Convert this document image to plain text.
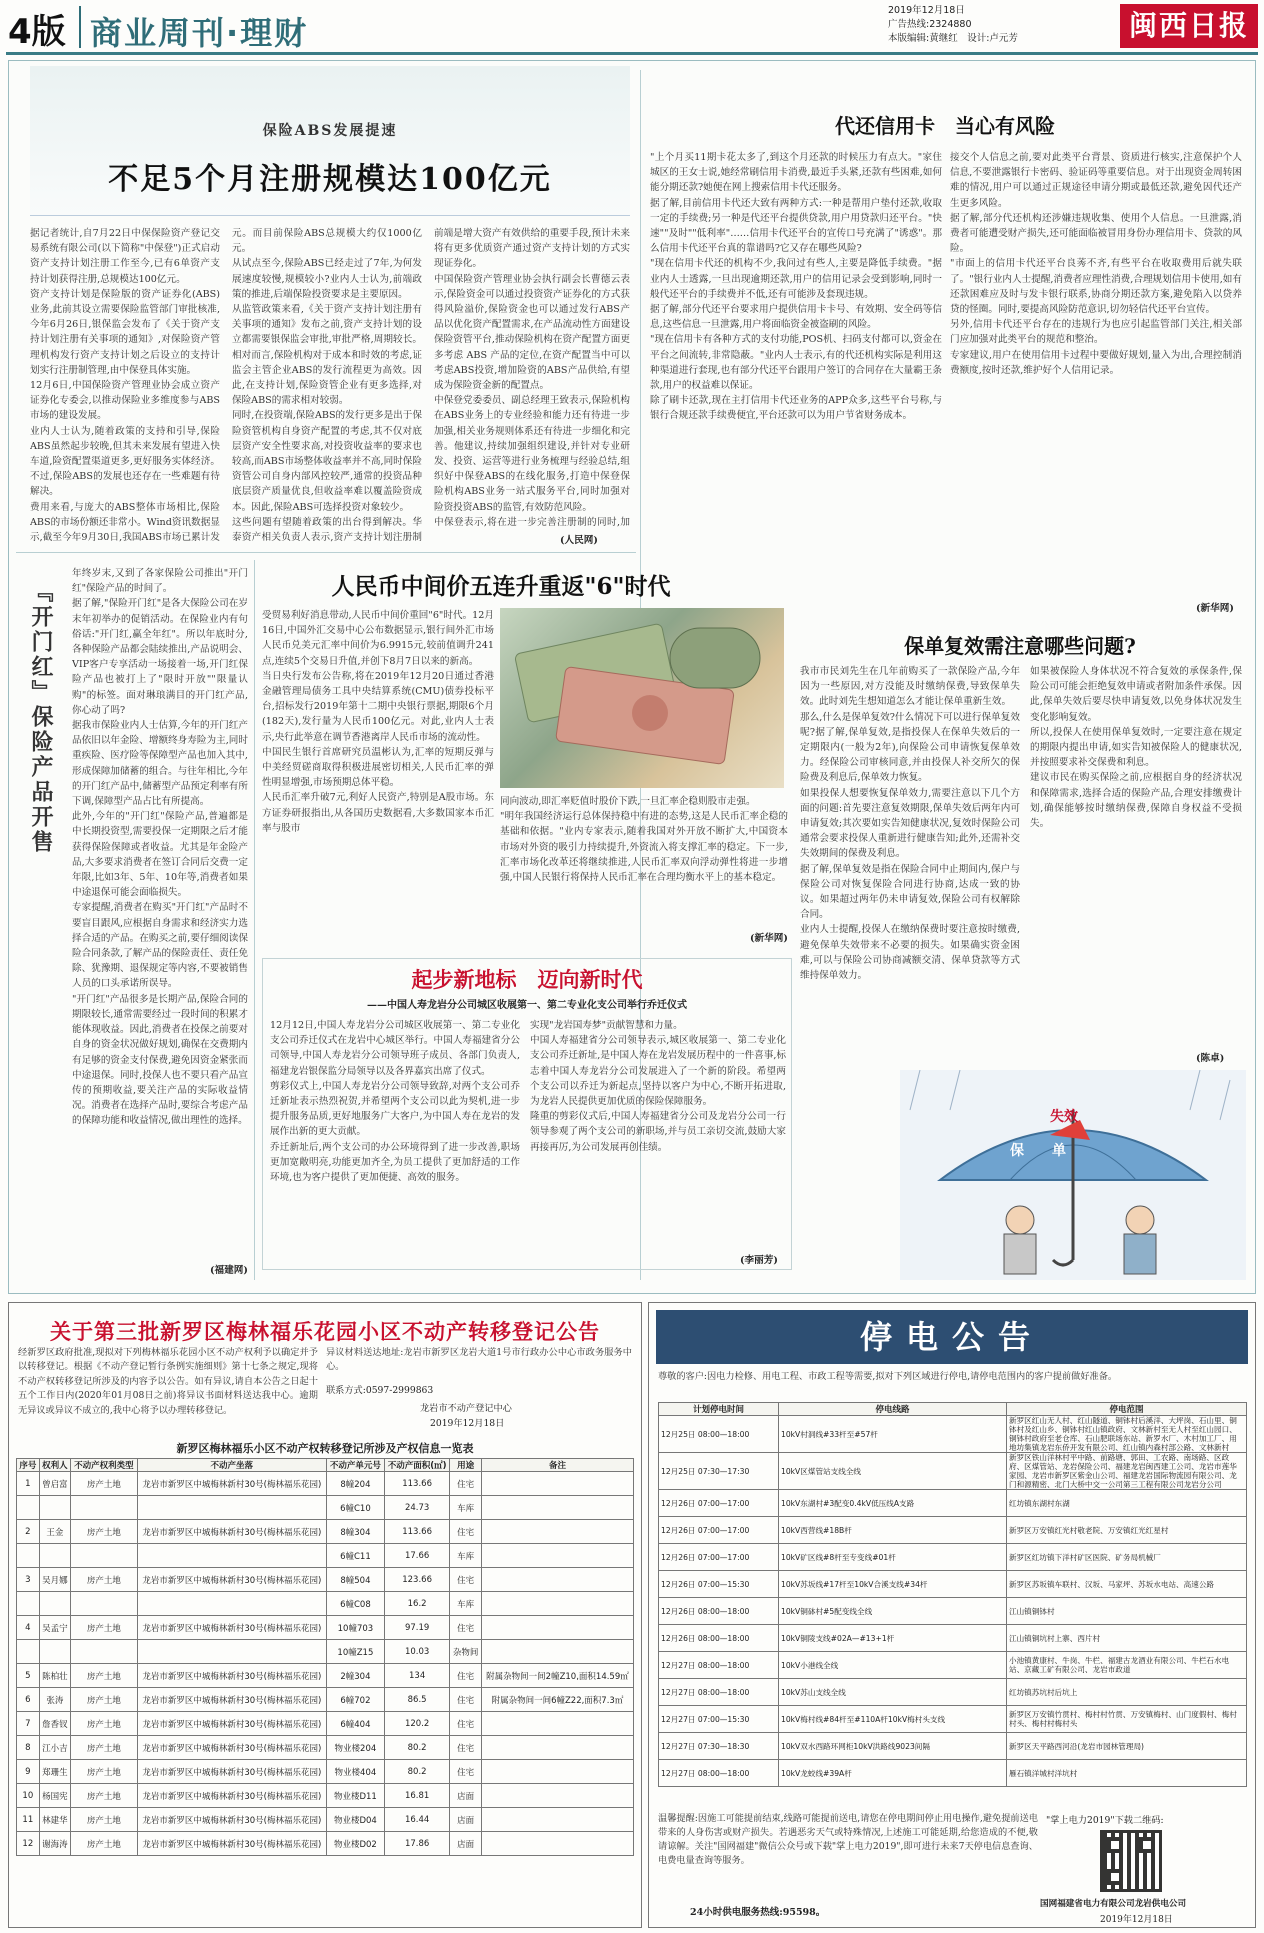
4版 商业周刊·理财
2019年12月18日
广告热线:2324880
本版编辑:黄继红　设计:卢元芳	闽西日报
保险ABS发展提速
不足5个月注册规模达100亿元
据记者统计,自7月22日中保保险资产登记交易系统有限公司(以下简称"中保登")正式启动资产支持计划注册工作至今,已有6单资产支持计划获得注册,总规模达100亿元。
资产支持计划是保险版的资产证券化(ABS)业务,此前其设立需要保险监管部门审批核准,今年6月26日,银保监会发布了《关于资产支持计划注册有关事项的通知》,对保险资产管理机构发行资产支持计划之后设立的支持计划实行注册制管理,由中保登具体实施。
12月6日,中国保险资产管理业协会成立资产证券化专委会,以推动保险业多维度参与ABS市场的建设发展。
业内人士认为,随着政策的支持和引导,保险ABS虽然起步较晚,但其未来发展有望进入快车道,险资配置渠道更多,更好服务实体经济。不过,保险ABS的发展也还存在一些难题有待解决。
费用来看,与庞大的ABS整体市场相比,保险ABS的市场份额还非常小。Wind资讯数据显示,截至今年9月30日,我国ABS市场已累计发
元。而目前保险ABS总规模大约仅1000亿元。
从试点至今,保险ABS已经走过了7年,为何发展速度较慢,规模较小?业内人士认为,前端政策的推进,后端保险投资要求是主要原因。
从监管政策来看,《关于资产支持计划注册有关事项的通知》发布之前,资产支持计划的设立都需要银保监会审批,审批严格,周期较长。相对而言,保险机构对于成本和时效的考虑,证监会主管企业ABS的发行流程更为高效。因此,在支持计划,保险资管企业有更多选择,对保险ABS的需求相对较弱。
同时,在投资端,保险ABS的发行更多是出于保险资管机构自身资产配置的考虑,其不仅对底层资产安全性要求高,对投资收益率的要求也较高,而ABS市场整体收益率并不高,同时保险资管公司自身内部风控较严,通常的投资品种底层资产质量优良,但收益率难以覆盖险资成本。因此,保险ABS可选择投资对象较少。
这些问题有望随着政策的出台得到解决。华泰资产相关负责人表示,资产支持计划注册制
前端是增大资产有效供给的重要手段,预计未来将有更多优质资产通过资产支持计划的方式实现证券化。
中国保险资产管理业协会执行副会长曹德云表示,保险资金可以通过投资资产证券化的方式获得风险溢价,保险资金也可以通过发行ABS产品以优化资产配置需求,在产品流动性方面建设保险资管平台,推动保险机构在资产配置方面更多考虑 ABS 产品的定位,在资产配置当中可以考虑ABS投资,增加险资的ABS产品供给,有望成为保险资金新的配置点。
中保登党委委员、副总经理王致表示,保险机构在ABS业务上的专业经验和能力还有待进一步加强,相关业务规则体系还有待进一步细化和完善。他建议,持续加强组织建设,并针对专业研发、投资、运营等进行业务梳理与经验总结,组织好中保登ABS的在线化服务,打造中保登保险机构ABS业务一站式服务平台,同时加强对险资投资ABS的监管,有效防范风险。
中保登表示,将在进一步完善注册制的同时,加
(人民网)
代还信用卡　当心有风险
"上个月买11期卡花太多了,到这个月还款的时候压力有点大。"家住城区的王女士说,她经常刷信用卡消费,最近手头紧,还款有些困难,如何能分期还款?她便在网上搜索信用卡代还服务。
据了解,目前信用卡代还大致有两种方式:一种是帮用户垫付还款,收取一定的手续费;另一种是代还平台提供贷款,用户用贷款归还平台。"快速""及时""低利率"……信用卡代还平台的宣传口号充满了"诱惑"。那么信用卡代还平台真的靠谱吗?它又存在哪些风险?
"现在信用卡代还的机构不少,我问过有些人,主要是降低手续费。"据业内人士透露,一旦出现逾期还款,用户的信用记录会受到影响,同时一般代还平台的手续费并不低,还有可能涉及套现违规。
据了解,部分代还平台要求用户提供信用卡卡号、有效期、安全码等信息,这些信息一旦泄露,用户将面临资金被盗刷的风险。
"现在信用卡有各种方式的支付功能,POS机、扫码支付都可以,资金在平台之间流转,非常隐蔽。"业内人士表示,有的代还机构实际是利用这种渠道进行套现,也有部分代还平台跟用户签订的合同存在大量霸王条款,用户的权益难以保证。
除了刷卡还款,现在主打信用卡代还业务的APP众多,这些平台号称,与银行合规还款手续费便宜,平台还款可以为用户节省财务成本。
接交个人信息之前,要对此类平台背景、资质进行核实,注意保护个人信息,不要泄露银行卡密码、验证码等重要信息。对于出现资金周转困难的情况,用户可以通过正规途径申请分期或最低还款,避免因代还产生更多风险。
据了解,部分代还机构还涉嫌违规收集、使用个人信息。一旦泄露,消费者可能遭受财产损失,还可能面临被冒用身份办理信用卡、贷款的风险。
"市面上的信用卡代还平台良莠不齐,有些平台在收取费用后就失联了。"银行业内人士提醒,消费者应理性消费,合理规划信用卡使用,如有还款困难应及时与发卡银行联系,协商分期还款方案,避免陷入以贷养贷的怪圈。同时,要提高风险防范意识,切勿轻信代还平台宣传。
另外,信用卡代还平台存在的违规行为也应引起监管部门关注,相关部门应加强对此类平台的规范和整治。
专家建议,用户在使用信用卡过程中要做好规划,量入为出,合理控制消费额度,按时还款,维护好个人信用记录。
(新华网)
『开门红』保险产品开售
年终岁末,又到了各家保险公司推出"开门红"保险产品的时间了。
据了解,"保险开门红"是各大保险公司在岁末年初举办的促销活动。在保险业内有句俗话:"开门红,赢全年红"。所以年底时分,各种保险产品都会陆续推出,产品说明会、VIP客户专享活动一场接着一场,开门红保险产品也被打上了"限时开放""限量认购"的标签。面对琳琅满目的开门红产品,你心动了吗?
据我市保险业内人士估算,今年的开门红产品依旧以年金险、增额终身寿险为主,同时重疾险、医疗险等保障型产品也加入其中,形成保障加储蓄的组合。与往年相比,今年的开门红产品中,储蓄型产品预定利率有所下调,保障型产品占比有所提高。
此外,今年的"开门红"保险产品,普遍都是中长期投资型,需要投保一定期限之后才能获得保险保障或者收益。尤其是年金险产品,大多要求消费者在签订合同后交费一定年限,比如3年、5年、10年等,消费者如果中途退保可能会面临损失。
专家提醒,消费者在购买"开门红"产品时不要盲目跟风,应根据自身需求和经济实力选择合适的产品。在购买之前,要仔细阅读保险合同条款,了解产品的保险责任、责任免除、犹豫期、退保规定等内容,不要被销售人员的口头承诺所误导。
"开门红"产品很多是长期产品,保险合同的期限较长,通常需要经过一段时间的积累才能体现收益。因此,消费者在投保之前要对自身的资金状况做好规划,确保在交费期内有足够的资金支付保费,避免因资金紧张而中途退保。同时,投保人也不要只看产品宣传的预期收益,要关注产品的实际收益情况。消费者在选择产品时,要综合考虑产品的保障功能和收益情况,做出理性的选择。
(福建网)
人民币中间价五连升重返"6"时代
受贸易利好消息带动,人民币中间价重回"6"时代。12月16日,中国外汇交易中心公布数据显示,银行间外汇市场人民币兑美元汇率中间价为6.9915元,较前值调升241点,连续5个交易日升值,并创下8月7日以来的新高。
当日央行发布公告称,将在2019年12月20日通过香港金融管理局债务工具中央结算系统(CMU)债券投标平台,招标发行2019年第十二期中央银行票据,期限6个月(182天),发行量为人民币100亿元。对此,业内人士表示,央行此举意在调节香港离岸人民币市场的流动性。
中国民生银行首席研究员温彬认为,汇率的短期反弹与中美经贸磋商取得积极进展密切相关,人民币汇率的弹性明显增强,市场预期总体平稳。
人民币汇率升破7元,利好人民资产,特别是A股市场。东方证券研报指出,从各国历史数据看,大多数国家本币汇率与股市
同向波动,即汇率贬值时股价下跌,一旦汇率企稳则股市走强。
"明年我国经济运行总体保持稳中有进的态势,这是人民币汇率企稳的基础和依据。"业内专家表示,随着我国对外开放不断扩大,中国资本市场对外资的吸引力持续提升,外资流入将支撑汇率的稳定。下一步,汇率市场化改革还将继续推进,人民币汇率双向浮动弹性将进一步增强,中国人民银行将保持人民币汇率在合理均衡水平上的基本稳定。
(新华网)
保单复效需注意哪些问题?
我市市民刘先生在几年前购买了一款保险产品,今年因为一些原因,对方没能及时缴纳保费,导致保单失效。此时刘先生想知道怎么才能让保单重新生效。
那么,什么是保单复效?什么情况下可以进行保单复效呢?据了解,保单复效,是指投保人在保单失效后的一定期限内(一般为2年),向保险公司申请恢复保单效力。经保险公司审核同意,并由投保人补交所欠的保险费及利息后,保单效力恢复。
如果投保人想要恢复保单效力,需要注意以下几个方面的问题:首先要注意复效期限,保单失效后两年内可申请复效;其次要如实告知健康状况,复效时保险公司通常会要求投保人重新进行健康告知;此外,还需补交失效期间的保费及利息。
据了解,保单复效是指在保险合同中止期间内,保户与保险公司对恢复保险合同进行协商,达成一致的协议。如果超过两年仍未申请复效,保险公司有权解除合同。
业内人士提醒,投保人在缴纳保费时要注意按时缴费,避免保单失效带来不必要的损失。如果确实资金困难,可以与保险公司协商减额交清、保单贷款等方式维持保单效力。
如果被保险人身体状况不符合复效的承保条件,保险公司可能会拒绝复效申请或者附加条件承保。因此,保单失效后要尽快申请复效,以免身体状况发生变化影响复效。
所以,投保人在使用保单复效时,一定要注意在规定的期限内提出申请,如实告知被保险人的健康状况,并按照要求补交保费和利息。
建议市民在购买保险之前,应根据自身的经济状况和保障需求,选择合适的保险产品,合理安排缴费计划,确保能够按时缴纳保费,保障自身权益不受损失。
(陈卓)
失效
保　　单
起步新地标　迈向新时代
——中国人寿龙岩分公司城区收展第一、第二专业化支公司举行乔迁仪式
12月12日,中国人寿龙岩分公司城区收展第一、第二专业化支公司乔迁仪式在龙岩中心城区举行。中国人寿福建省分公司领导,中国人寿龙岩分公司领导班子成员、各部门负责人,福建龙岩银保监分局领导以及各界嘉宾出席了仪式。
剪彩仪式上,中国人寿龙岩分公司领导致辞,对两个支公司乔迁新址表示热烈祝贺,并希望两个支公司以此为契机,进一步提升服务品质,更好地服务广大客户,为中国人寿在龙岩的发展作出新的更大贡献。
乔迁新址后,两个支公司的办公环境得到了进一步改善,职场更加宽敞明亮,功能更加齐全,为员工提供了更加舒适的工作环境,也为客户提供了更加便捷、高效的服务。
实现"龙岩国寿梦"贡献智慧和力量。
中国人寿福建省分公司领导表示,城区收展第一、第二专业化支公司乔迁新址,是中国人寿在龙岩发展历程中的一件喜事,标志着中国人寿龙岩分公司发展进入了一个新的阶段。希望两个支公司以乔迁为新起点,坚持以客户为中心,不断开拓进取,为龙岩人民提供更加优质的保险保障服务。
隆重的剪彩仪式后,中国人寿福建省分公司及龙岩分公司一行领导参观了两个支公司的新职场,并与员工亲切交流,鼓励大家再接再厉,为公司发展再创佳绩。
(李丽芳)
关于第三批新罗区梅林福乐花园小区不动产转移登记公告
经新罗区政府批准,现拟对下列梅林福乐花园小区不动产权利予以确定并予以转移登记。根据《不动产登记暂行条例实施细则》第十七条之规定,现将不动产权转移登记所涉及的内容予以公告。如有异议,请自本公告之日起十五个工作日内(2020年01月08日之前)将异议书面材料送达我中心。逾期无异议或异议不成立的,我中心将予以办理转移登记。
异议材料送达地址:龙岩市新罗区龙岩大道1号市行政办公中心市政务服务中心。
联系方式:0597-2999863
龙岩市不动产登记中心
2019年12月18日
新罗区梅林福乐小区不动产权转移登记所涉及产权信息一览表
序号	权利人	不动产权利类型	不动产坐落	不动产单元号	不动产面积(㎡)	用途	备注
1	曾启富	房产土地	龙岩市新罗区中城梅林新村30号(梅林福乐花园)	8幢204	113.66	住宅	
				6幢C10	24.73	车库	
2	王金	房产土地	龙岩市新罗区中城梅林新村30号(梅林福乐花园)	8幢304	113.66	住宅	
				6幢C11	17.66	车库	
3	吴月娜	房产土地	龙岩市新罗区中城梅林新村30号(梅林福乐花园)	8幢504	123.66	住宅	
				6幢C08	16.2	车库	
4	吴孟宁	房产土地	龙岩市新罗区中城梅林新村30号(梅林福乐花园)	10幢703	97.19	住宅	
				10幢Z15	10.03	杂物间	
5	陈柏壮	房产土地	龙岩市新罗区中城梅林新村30号(梅林福乐花园)	2幢304	134	住宅	附属杂物间一间2幢Z10,面积14.59㎡
6	张涛	房产土地	龙岩市新罗区中城梅林新村30号(梅林福乐花园)	6幢702	86.5	住宅	附属杂物间一间6幢Z22,面积7.3㎡
7	詹香钗	房产土地	龙岩市新罗区中城梅林新村30号(梅林福乐花园)	6幢404	120.2	住宅	
8	江小吉	房产土地	龙岩市新罗区中城梅林新村30号(梅林福乐花园)	物业楼204	80.2	住宅	
9	郑珊生	房产土地	龙岩市新罗区中城梅林新村30号(梅林福乐花园)	物业楼404	80.2	住宅	
10	杨国宪	房产土地	龙岩市新罗区中城梅林新村30号(梅林福乐花园)	物业楼D11	16.81	店面	
11	林建华	房产土地	龙岩市新罗区中城梅林新村30号(梅林福乐花园)	物业楼D04	16.44	店面	
12	谢海涛	房产土地	龙岩市新罗区中城梅林新村30号(梅林福乐花园)	物业楼D02	17.86	店面	
停电公告
尊敬的客户:因电力检修、用电工程、市政工程等需要,拟对下列区域进行停电,请停电范围内的客户提前做好准备。
计划停电时间	停电线路	停电范围
12月25日 08:00—18:00	10kV村洞线#33杆至#57杆	新罗区红山无人村、红山隧道、铜钵村后溪洋、大坪岗、石山里、铜钵村及红山乡、铜钵村红山镇政府、文林新村至无人村至红山园口、铜钵村政府至老仓库、石山肥联场东站、新罗水厂、木村加工厂、用地坊集镇龙岩东侨开发有限公司、红山镇内森村部公路、文林新村
12月25日 07:30—17:30	10kV区煤管站支线全线	新罗区铁山洋林村平中路、前路塘、郭田、工农路、南场路、区政府、区煤管站、龙岩保险公司、福建龙岩闽西建工公司、龙岩市莲华家园、龙岩市新罗区紫金山公司、福建龙岩国际物流园有限公司、龙门和源精密、北门大桥中交一公司第三工程有限公司龙岩分公司
12月26日 07:00—17:00	10kV东湖村#3配变0.4kV低压线A支路	红坊镇东湖村东湖
12月26日 07:00—17:00	10kV西营线#18B杆	新罗区万安镇红光村敬老院、万安镇红光红星村
12月26日 07:00—17:00	10kV矿区线#8杆至专变线#01杆	新罗区红坊镇下洋村矿区医院、矿务局机械厂
12月26日 07:00—15:30	10kV苏坂线#17杆至10kV合溪支线#34杆	新罗区苏坂镇车联村、汉坂、马家坪、苏坂水电站、高速公路
12月26日 08:00—18:00	10kV铜砵村#5配变线全线	江山镇铜钵村
12月26日 08:00—18:00	10kV铜陵支线#02A—#13+1杆	江山镇铜坑村上寨、西片村
12月27日 08:00—18:00	10kV小港线全线	小池镇黄康村、牛岗、牛栏、福建古龙酒业有限公司、牛栏石水电站、京藏工矿有限公司、龙岩市政道
12月27日 08:00—18:00	10kV苏山支线全线	红坊镇苏坑村后坑上
12月27日 07:00—15:30	10kV梅村线#84杆至#110A杆10kV梅村头支线	新罗区万安镇竹贯村、梅村村竹贯、万安镇梅村、山门度假村、梅村村头、梅村村梅村头
12月27日 07:30—18:30	10kV双水西路环网柜10kV洪路线9023间隔	新罗区天平路西河沿(龙岩市园林管理局)
12月27日 08:00—18:00	10kV龙蛟线#39A杆	雁石镇洋城村洋坑村
温馨提醒:因施工可能提前结束,线路可能提前送电,请您在停电期间停止用电操作,避免提前送电带来的人身伤害或财产损失。若遇恶劣天气或特殊情况,上述施工可能延期,给您造成的不便,敬请谅解。关注"国网福建"微信公众号或下载"掌上电力2019",即可进行未来7天停电信息查询、电费电量查询等服务。
24小时供电服务热线:95598。
"掌上电力2019"下载二维码:
国网福建省电力有限公司龙岩供电公司
2019年12月18日
